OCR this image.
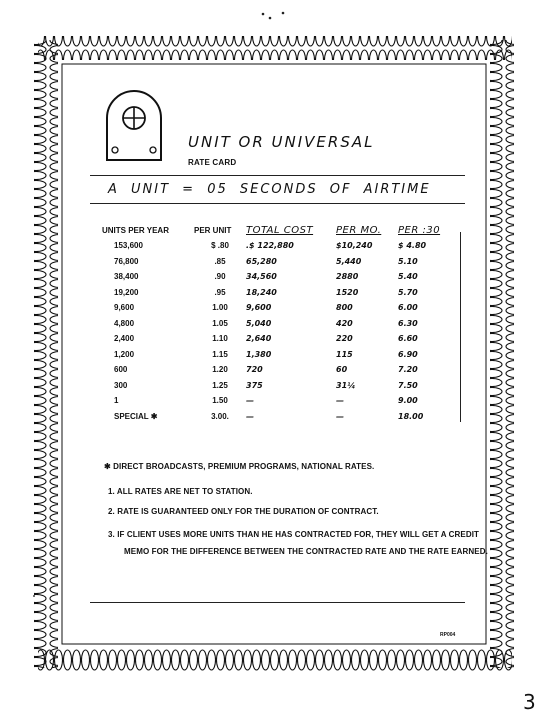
UNIT OR UNIVERSAL
RATE CARD
A UNIT = 05 SECONDS OF AIRTIME
UNITS PER YEAR	PER UNIT	TOTAL COST	PER MO.	PER :30
153,600	$ .80	.$ 122,880	$10,240	$ 4.80
76,800	.85	65,280	5,440	5.10
38,400	.90	34,560	2880	5.40
19,200	.95	18,240	1520	5.70
9,600	1.00	9,600	800	6.00
4,800	1.05	5,040	420	6.30
2,400	1.10	2,640	220	6.60
1,200	1.15	1,380	115	6.90
600	1.20	720	60	7.20
300	1.25	375	31¼	7.50
1	1.50	—	—	9.00
SPECIAL ✱	3.00.	—	—	18.00
✱ DIRECT BROADCASTS, PREMIUM PROGRAMS, NATIONAL RATES.
1. ALL RATES ARE NET TO STATION.
2. RATE IS GUARANTEED ONLY FOR THE DURATION OF CONTRACT.
3. IF CLIENT USES MORE UNITS THAN HE HAS CONTRACTED FOR, THEY WILL GET A CREDIT
MEMO FOR THE DIFFERENCE BETWEEN THE CONTRACTED RATE AND THE RATE EARNED.
RP004
3
